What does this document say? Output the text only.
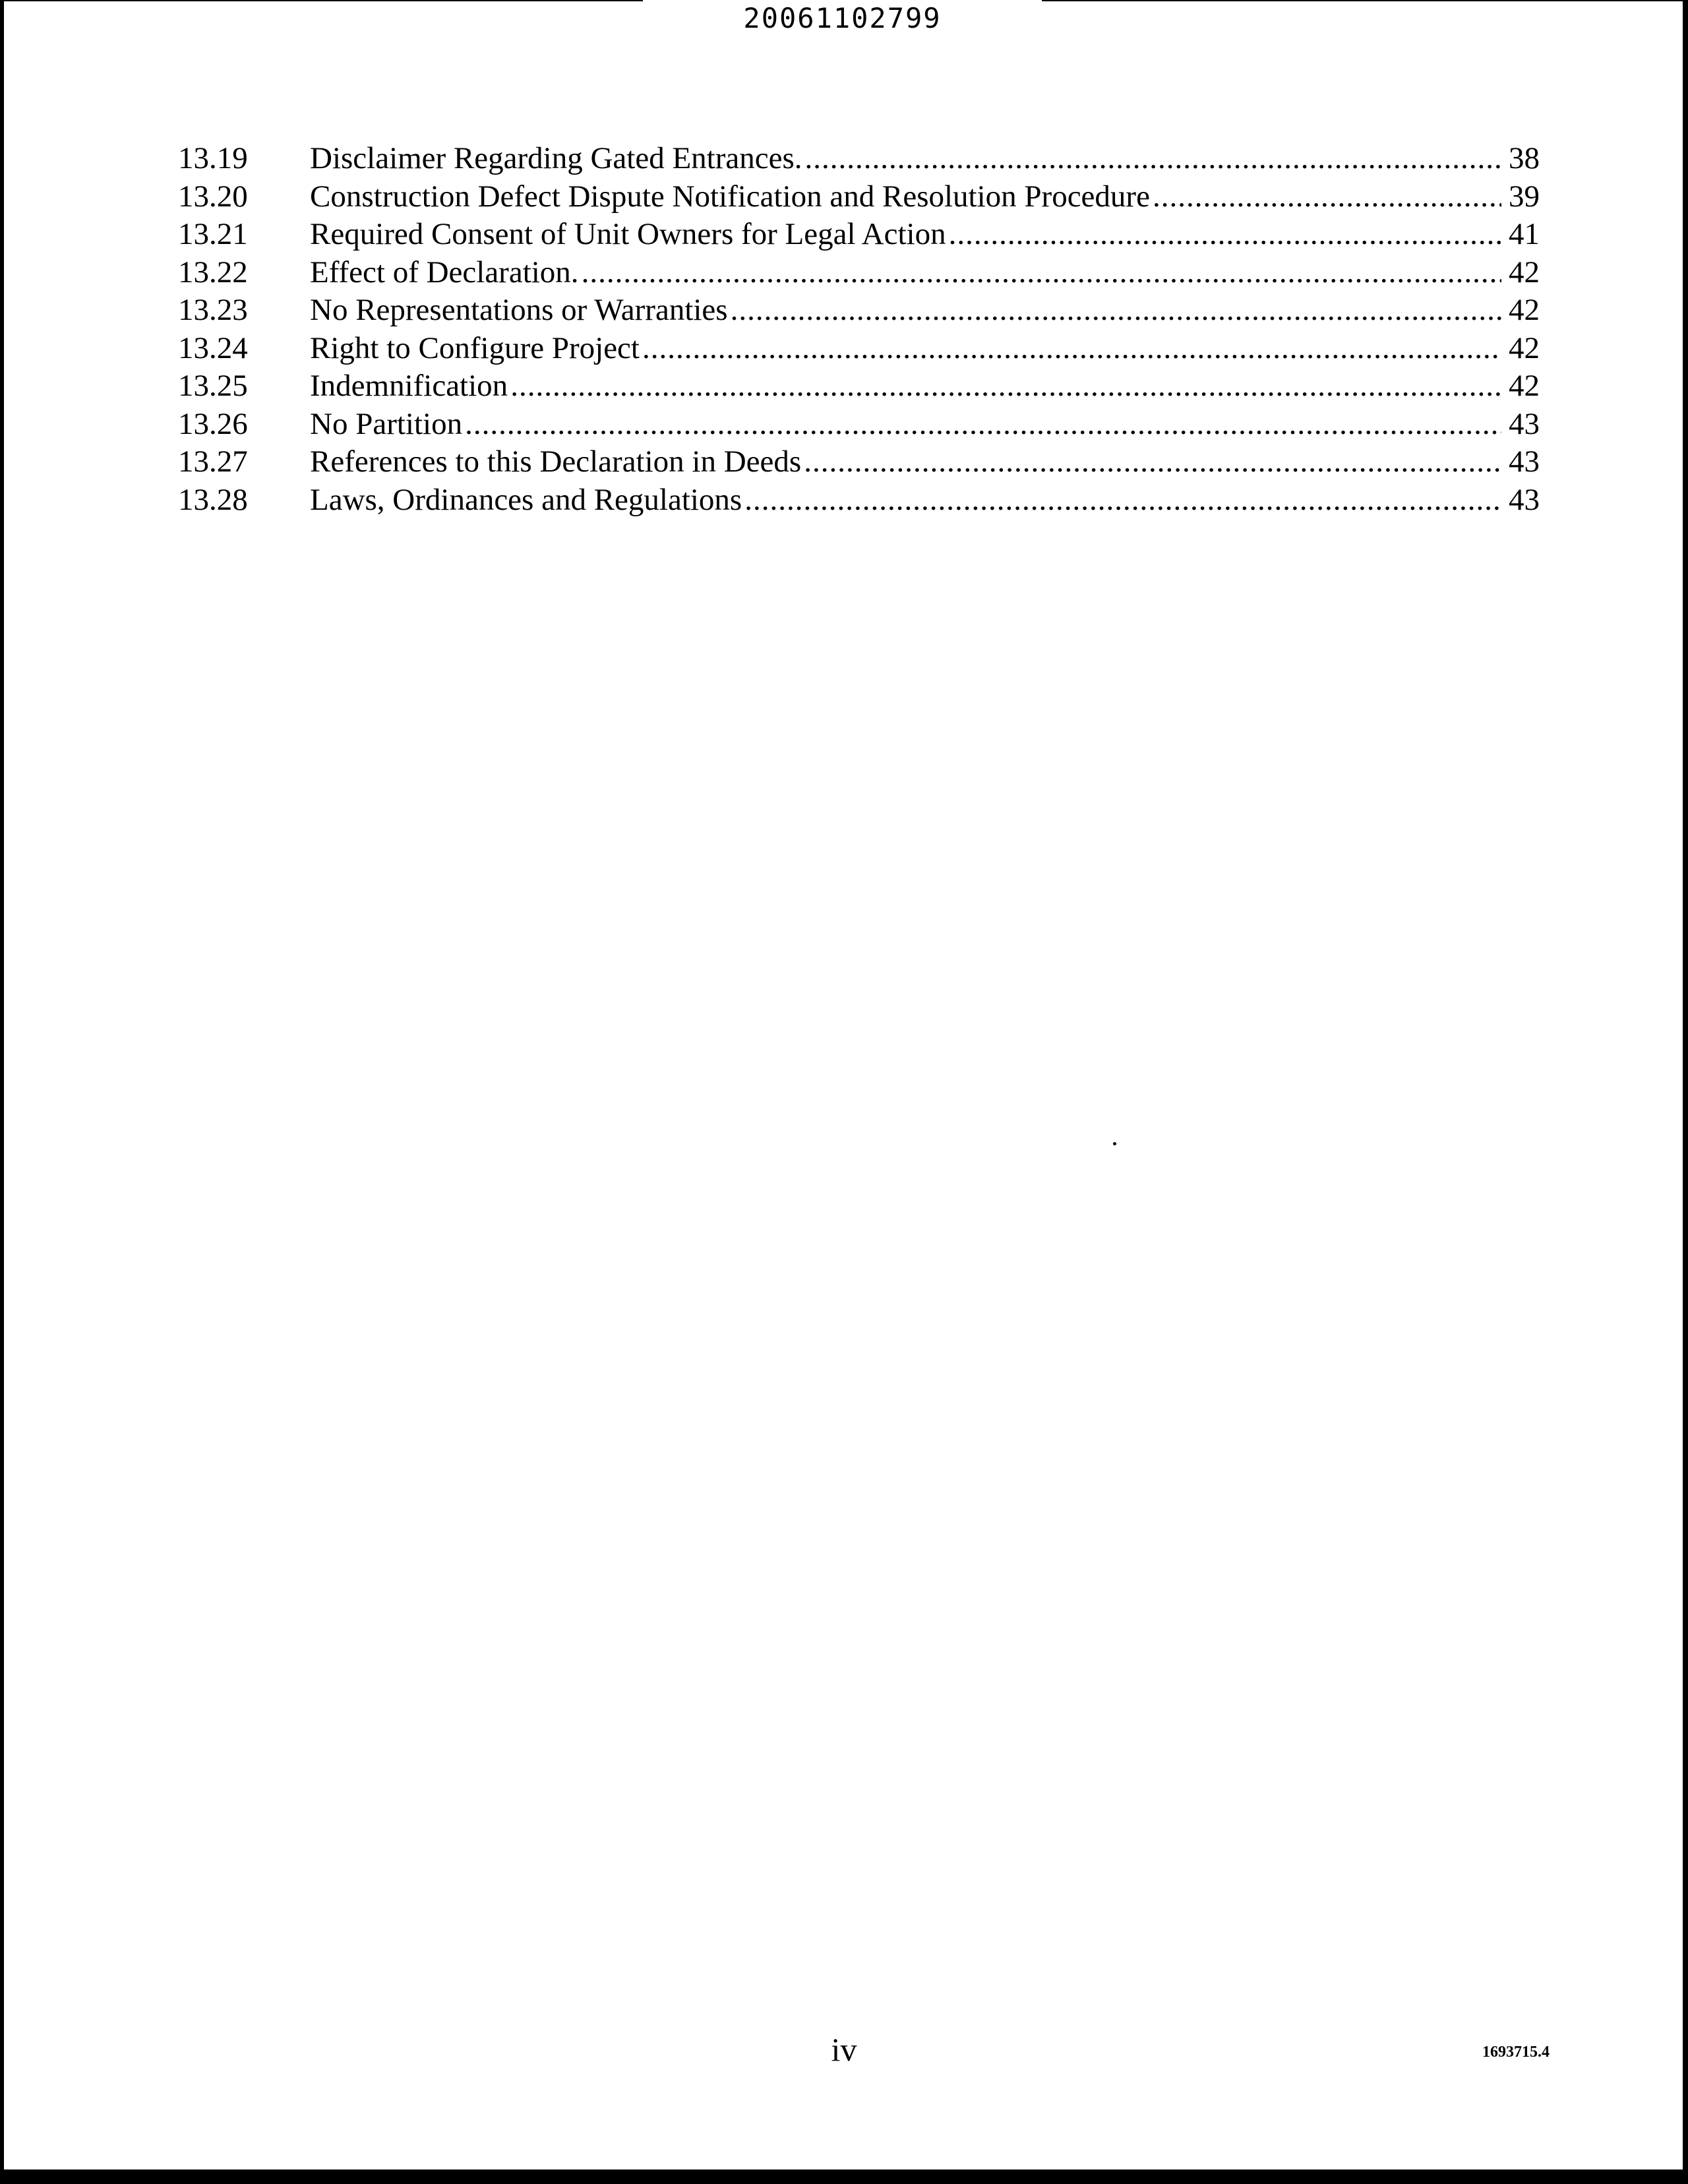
20061102799
13.19	Disclaimer Regarding Gated Entrances. .....	38
13.20	Construction Defect Dispute Notification and Resolution Procedure .....	39
13.21	Required Consent of Unit Owners for Legal Action .....	41
13.22	Effect of Declaration. .....	42
13.23	No Representations or Warranties .....	42
13.24	Right to Configure Project .....	42
13.25	Indemnification .....	42
13.26	No Partition .....	43
13.27	References to this Declaration in Deeds .....	43
13.28	Laws, Ordinances and Regulations .....	43
iv	1693715.4
